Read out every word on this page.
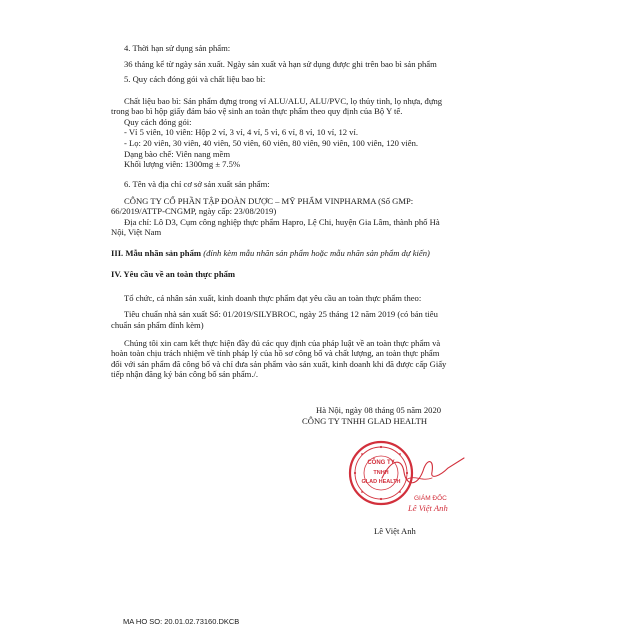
4. Thời hạn sử dụng sản phẩm:
36 tháng kể từ ngày sản xuất. Ngày sản xuất và hạn sử dụng được ghi trên bao bì sản phẩm
5. Quy cách đóng gói và chất liệu bao bì:
Chất liệu bao bì: Sản phẩm đựng trong vỉ ALU/ALU, ALU/PVC, lọ thủy tinh, lọ nhựa, đựng
trong bao bì hộp giấy đảm bảo vệ sinh an toàn thực phẩm theo quy định của Bộ Y tế.
Quy cách đóng gói:
- Vỉ 5 viên, 10 viên: Hộp 2 vỉ, 3 vỉ, 4 vỉ, 5 vỉ, 6 vỉ, 8 vỉ, 10 vỉ, 12 vỉ.
- Lọ: 20 viên, 30 viên, 40 viên, 50 viên, 60 viên, 80 viên, 90 viên, 100 viên, 120 viên.
Dạng bào chế: Viên nang mềm
Khối lượng viên: 1300mg ± 7.5%
6. Tên và địa chỉ cơ sở sản xuất sản phẩm:
CÔNG TY CỔ PHẦN TẬP ĐOÀN DƯỢC – MỸ PHẨM VINPHARMA (Số GMP:
66/2019/ATTP-CNGMP, ngày cấp: 23/08/2019)
Địa chỉ: Lô D3, Cụm công nghiệp thực phẩm Hapro, Lệ Chi, huyện Gia Lâm, thành phố Hà
Nội, Việt Nam
III. Mẫu nhãn sản phẩm (đính kèm mẫu nhãn sản phẩm hoặc mẫu nhãn sản phẩm dự kiến)
IV. Yêu cầu về an toàn thực phẩm
Tổ chức, cá nhân sản xuất, kinh doanh thực phẩm đạt yêu cầu an toàn thực phẩm theo:
Tiêu chuẩn nhà sản xuất Số: 01/2019/SILYBROC, ngày 25 tháng 12 năm 2019 (có bản tiêu
chuẩn sản phẩm đính kèm)
Chúng tôi xin cam kết thực hiện đầy đủ các quy định của pháp luật về an toàn thực phẩm và
hoàn toàn chịu trách nhiệm về tính pháp lý của hồ sơ công bố và chất lượng, an toàn thực phẩm
đối với sản phẩm đã công bố và chỉ đưa sản phẩm vào sản xuất, kinh doanh khi đã được cấp Giấy
tiếp nhận đăng ký bản công bố sản phẩm./.
Hà Nội, ngày 08 tháng 05 năm 2020
CÔNG TY TNHH GLAD HEALTH
CÔNG TY
TNHH
GLAD HEALTH
GIÁM ĐỐC
Lê Việt Anh
Lê Việt Anh
MA HO SO: 20.01.02.73160.DKCB
